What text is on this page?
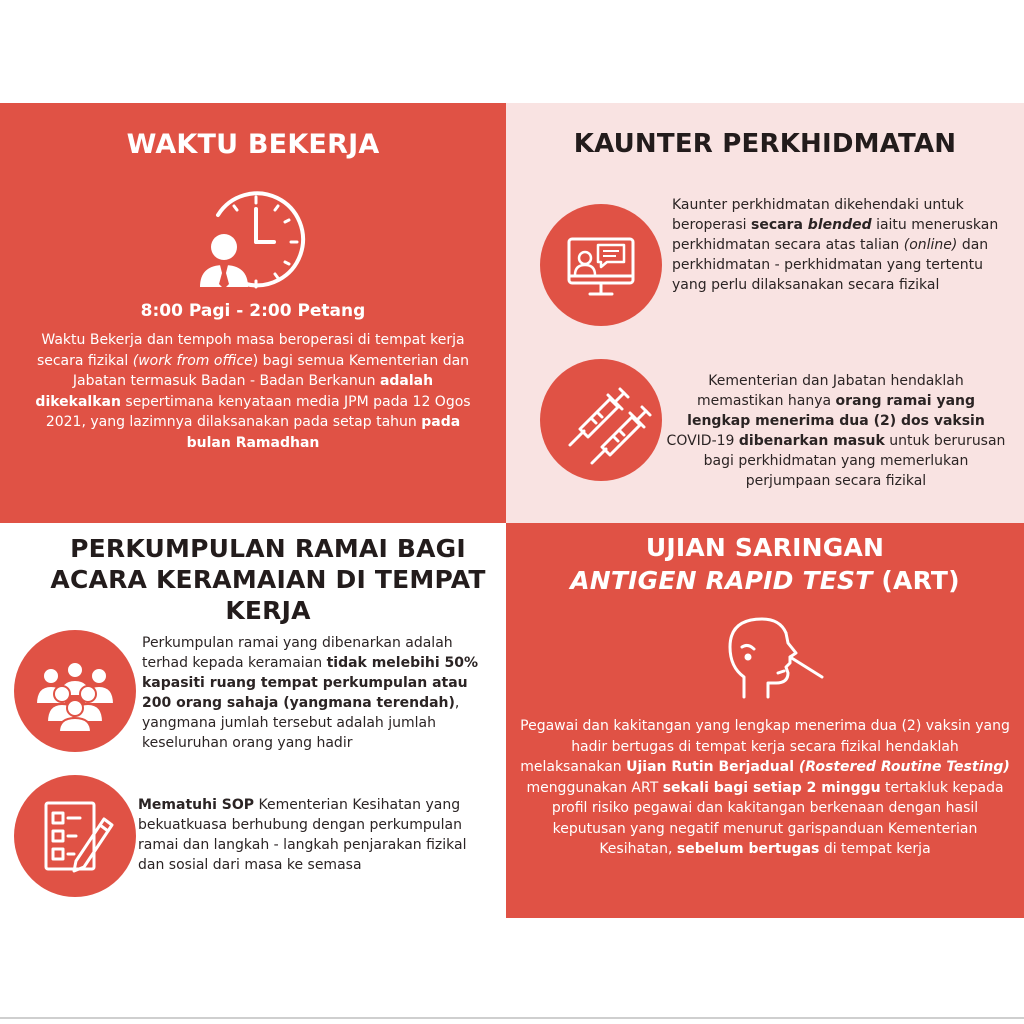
WAKTU BEKERJA
8:00 Pagi - 2:00 Petang

Waktu Bekerja dan tempoh masa beroperasi di tempat kerja secara fizikal (work from office) bagi semua Kementerian dan Jabatan termasuk Badan - Badan Berkanun adalah dikekalkan sepertimana kenyataan media JPM pada 12 Ogos 2021, yang lazimnya dilaksanakan pada setap tahun pada bulan Ramadhan

KAUNTER PERKHIDMATAN

Kaunter perkhidmatan dikehendaki untuk beroperasi secara blended iaitu meneruskan perkhidmatan secara atas talian (online) dan perkhidmatan - perkhidmatan yang tertentu yang perlu dilaksanakan secara fizikal

Kementerian dan Jabatan hendaklah memastikan hanya orang ramai yang lengkap menerima dua (2) dos vaksin COVID-19 dibenarkan masuk untuk berurusan bagi perkhidmatan yang memerlukan perjumpaan secara fizikal

PERKUMPULAN RAMAI BAGI ACARA KERAMAIAN DI TEMPAT KERJA

Perkumpulan ramai yang dibenarkan adalah terhad kepada keramaian tidak melebihi 50% kapasiti ruang tempat perkumpulan atau 200 orang sahaja (yangmana terendah), yangmana jumlah tersebut adalah jumlah keseluruhan orang yang hadir

Mematuhi SOP Kementerian Kesihatan yang bekuatkuasa berhubung dengan perkumpulan ramai dan langkah - langkah penjarakan fizikal dan sosial dari masa ke semasa

UJIAN SARINGAN
ANTIGEN RAPID TEST (ART)

Pegawai dan kakitangan yang lengkap menerima dua (2) vaksin yang hadir bertugas di tempat kerja secara fizikal hendaklah melaksanakan Ujian Rutin Berjadual (Rostered Routine Testing) menggunakan ART sekali bagi setiap 2 minggu tertakluk kepada profil risiko pegawai dan kakitangan berkenaan dengan hasil keputusan yang negatif menurut garispanduan Kementerian Kesihatan, sebelum bertugas di tempat kerja
